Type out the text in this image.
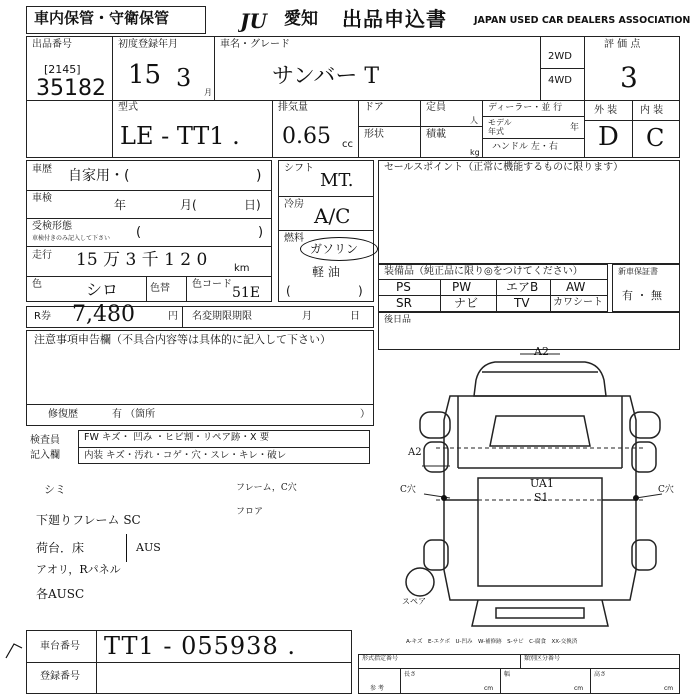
車内保管・守衛保管	JU 愛知 出品申込書	JAPAN USED CAR DEALERS ASSOCIATION
出品番号
[2145]
35182
初度登録年月
15 3
月
車名・グレード
サンバー T
2WD
4WD
評 価 点
3
型式
LE - TT1 .
排気量
0.65 cc
ドア	定員
人
形状	積載
kg
ディーラー・並 行
モデル
年式	年
ハンドル 左・右
外 装 内 装
D C
車歴 自家用・(	)
車検	年	月(	日)
受検形態
車検付きのみ記入して下さい (	)
走行 15 万 3 千 1 2 0	km
色	シロ	色替 色コード
51E
シフト
MT.
冷房 A/C
燃料
ガソリン
軽 油
(	)
セールスポイント（正常に機能するものに限ります）
装備品（純正品に限り◎をつけてください）
PS	PW	エアB AW
SR	ナビ	TV カワシート
新車保証書
有 ・ 無
R券 7,480	円 名変期限期限	月	日
注意事項申告欄（不具合内容等は具体的に記入して下さい）
修復歴	有 （箇所	）
後日品
検査員
記入欄
FW キズ・ 凹み ・ヒビ割・リペア跡・X 要
内装 キズ・汚れ・コゲ・穴・スレ・キレ・破レ
シミ
下廻りフレーム SC
荷台．床
アオリ，Rパネル
各AUSC
AUS
フレーム，C穴
フロア
A2
A2
UA1
S1
C穴	C穴
スペア
A-キズ　E-エクボ　U-凹み　W-補修跡　S-サビ　C-腐食　XX-交換済
車台番号 TT1 - 055938 .
登録番号
形式指定番号	類別区分番号
参 考
長さ
cm
幅
cm
高さ
cm
